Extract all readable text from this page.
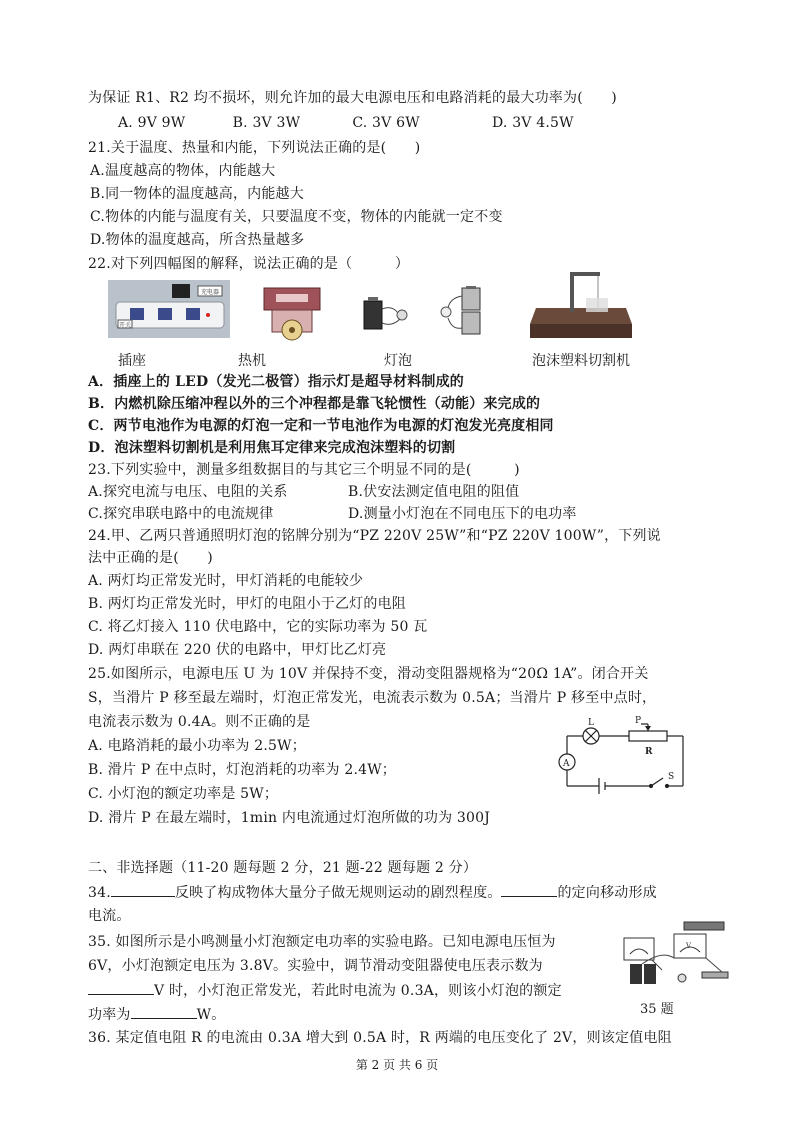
为保证 R1、R2 均不损坏，则允许加的最大电源电压和电路消耗的最大功率为(　　)
A. 9V 9W	B. 3V 3W	C. 3V 6W	D. 3V 4.5W
21.关于温度、热量和内能，下列说法正确的是(　　)
A.温度越高的物体，内能越大
B.同一物体的温度越高，内能越大
C.物体的内能与温度有关，只要温度不变，物体的内能就一定不变
D.物体的温度越高，所含热量越多
22.对下列四幅图的解释，说法正确的是（　　　）
充电器
开关
插座	热机	灯泡	泡沫塑料切割机
A．插座上的 LED（发光二极管）指示灯是超导材料制成的
B．内燃机除压缩冲程以外的三个冲程都是靠飞轮惯性（动能）来完成的
C．两节电池作为电源的灯泡一定和一节电池作为电源的灯泡发光亮度相同
D．泡沫塑料切割机是利用焦耳定律来完成泡沫塑料的切割
23.下列实验中，测量多组数据目的与其它三个明显不同的是(　　　)
A.探究电流与电压、电阻的关系	B.伏安法测定值电阻的阻值
C.探究串联电路中的电流规律	D.测量小灯泡在不同电压下的电功率
24.甲、乙两只普通照明灯泡的铭牌分别为“PZ 220V 25W”和“PZ 220V 100W”，下列说
法中正确的是(　　)
A. 两灯均正常发光时，甲灯消耗的电能较少
B. 两灯均正常发光时，甲灯的电阻小于乙灯的电阻
C. 将乙灯接入 110 伏电路中，它的实际功率为 50 瓦
D. 两灯串联在 220 伏的电路中，甲灯比乙灯亮
25.如图所示，电源电压 U 为 10V 并保持不变，滑动变阻器规格为“20Ω 1A”。闭合开关
S，当滑片 P 移至最左端时，灯泡正常发光，电流表示数为 0.5A；当滑片 P 移至中点时，
电流表示数为 0.4A。则不正确的是
A. 电路消耗的最小功率为 2.5W；
B. 滑片 P 在中点时，灯泡消耗的功率为 2.4W；
C. 小灯泡的额定功率是 5W；
D. 滑片 P 在最左端时，1min 内电流通过灯泡所做的功为 300J
L	P
R
A
S
二、非选择题（11-20 题每题 2 分，21 题-22 题每题 2 分）
34.	反映了构成物体大量分子做无规则运动的剧烈程度。	的定向移动形成
电流。
35. 如图所示是小鸣测量小灯泡额定电功率的实验电路。已知电源电压恒为
6V，小灯泡额定电压为 3.8V。实验中，调节滑动变阻器使电压表示数为
V 时，小灯泡正常发光，若此时电流为 0.3A，则该小灯泡的额定
功率为	W。
V
35 题
36. 某定值电阻 R 的电流由 0.3A 增大到 0.5A 时，R 两端的电压变化了 2V，则该定值电阻
第 2 页 共 6 页
